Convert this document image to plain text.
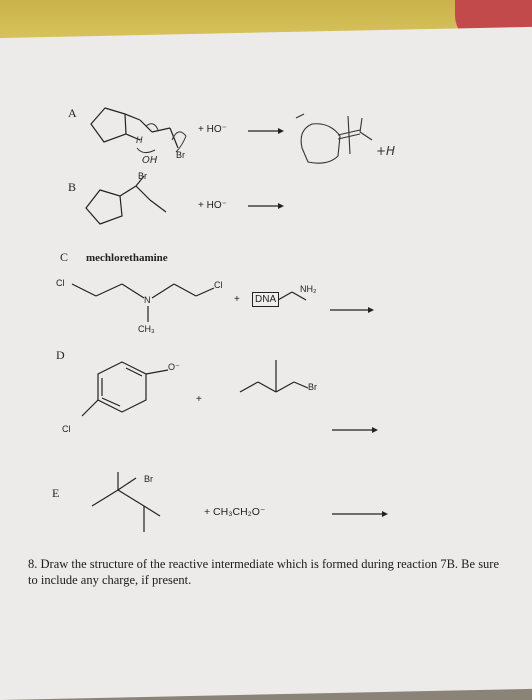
A
B
C
D
E
Br
+ HO⁻
H
OH
+H
Br
+ HO⁻
mechlorethamine
Cl	Cl
N
CH₃
+	DNA
NH₂
O⁻
Cl
+
Br
Br
+ CH₃CH₂O⁻
8. Draw the structure of the reactive intermediate which is formed during reaction 7B. Be sure to include any charge, if present.
